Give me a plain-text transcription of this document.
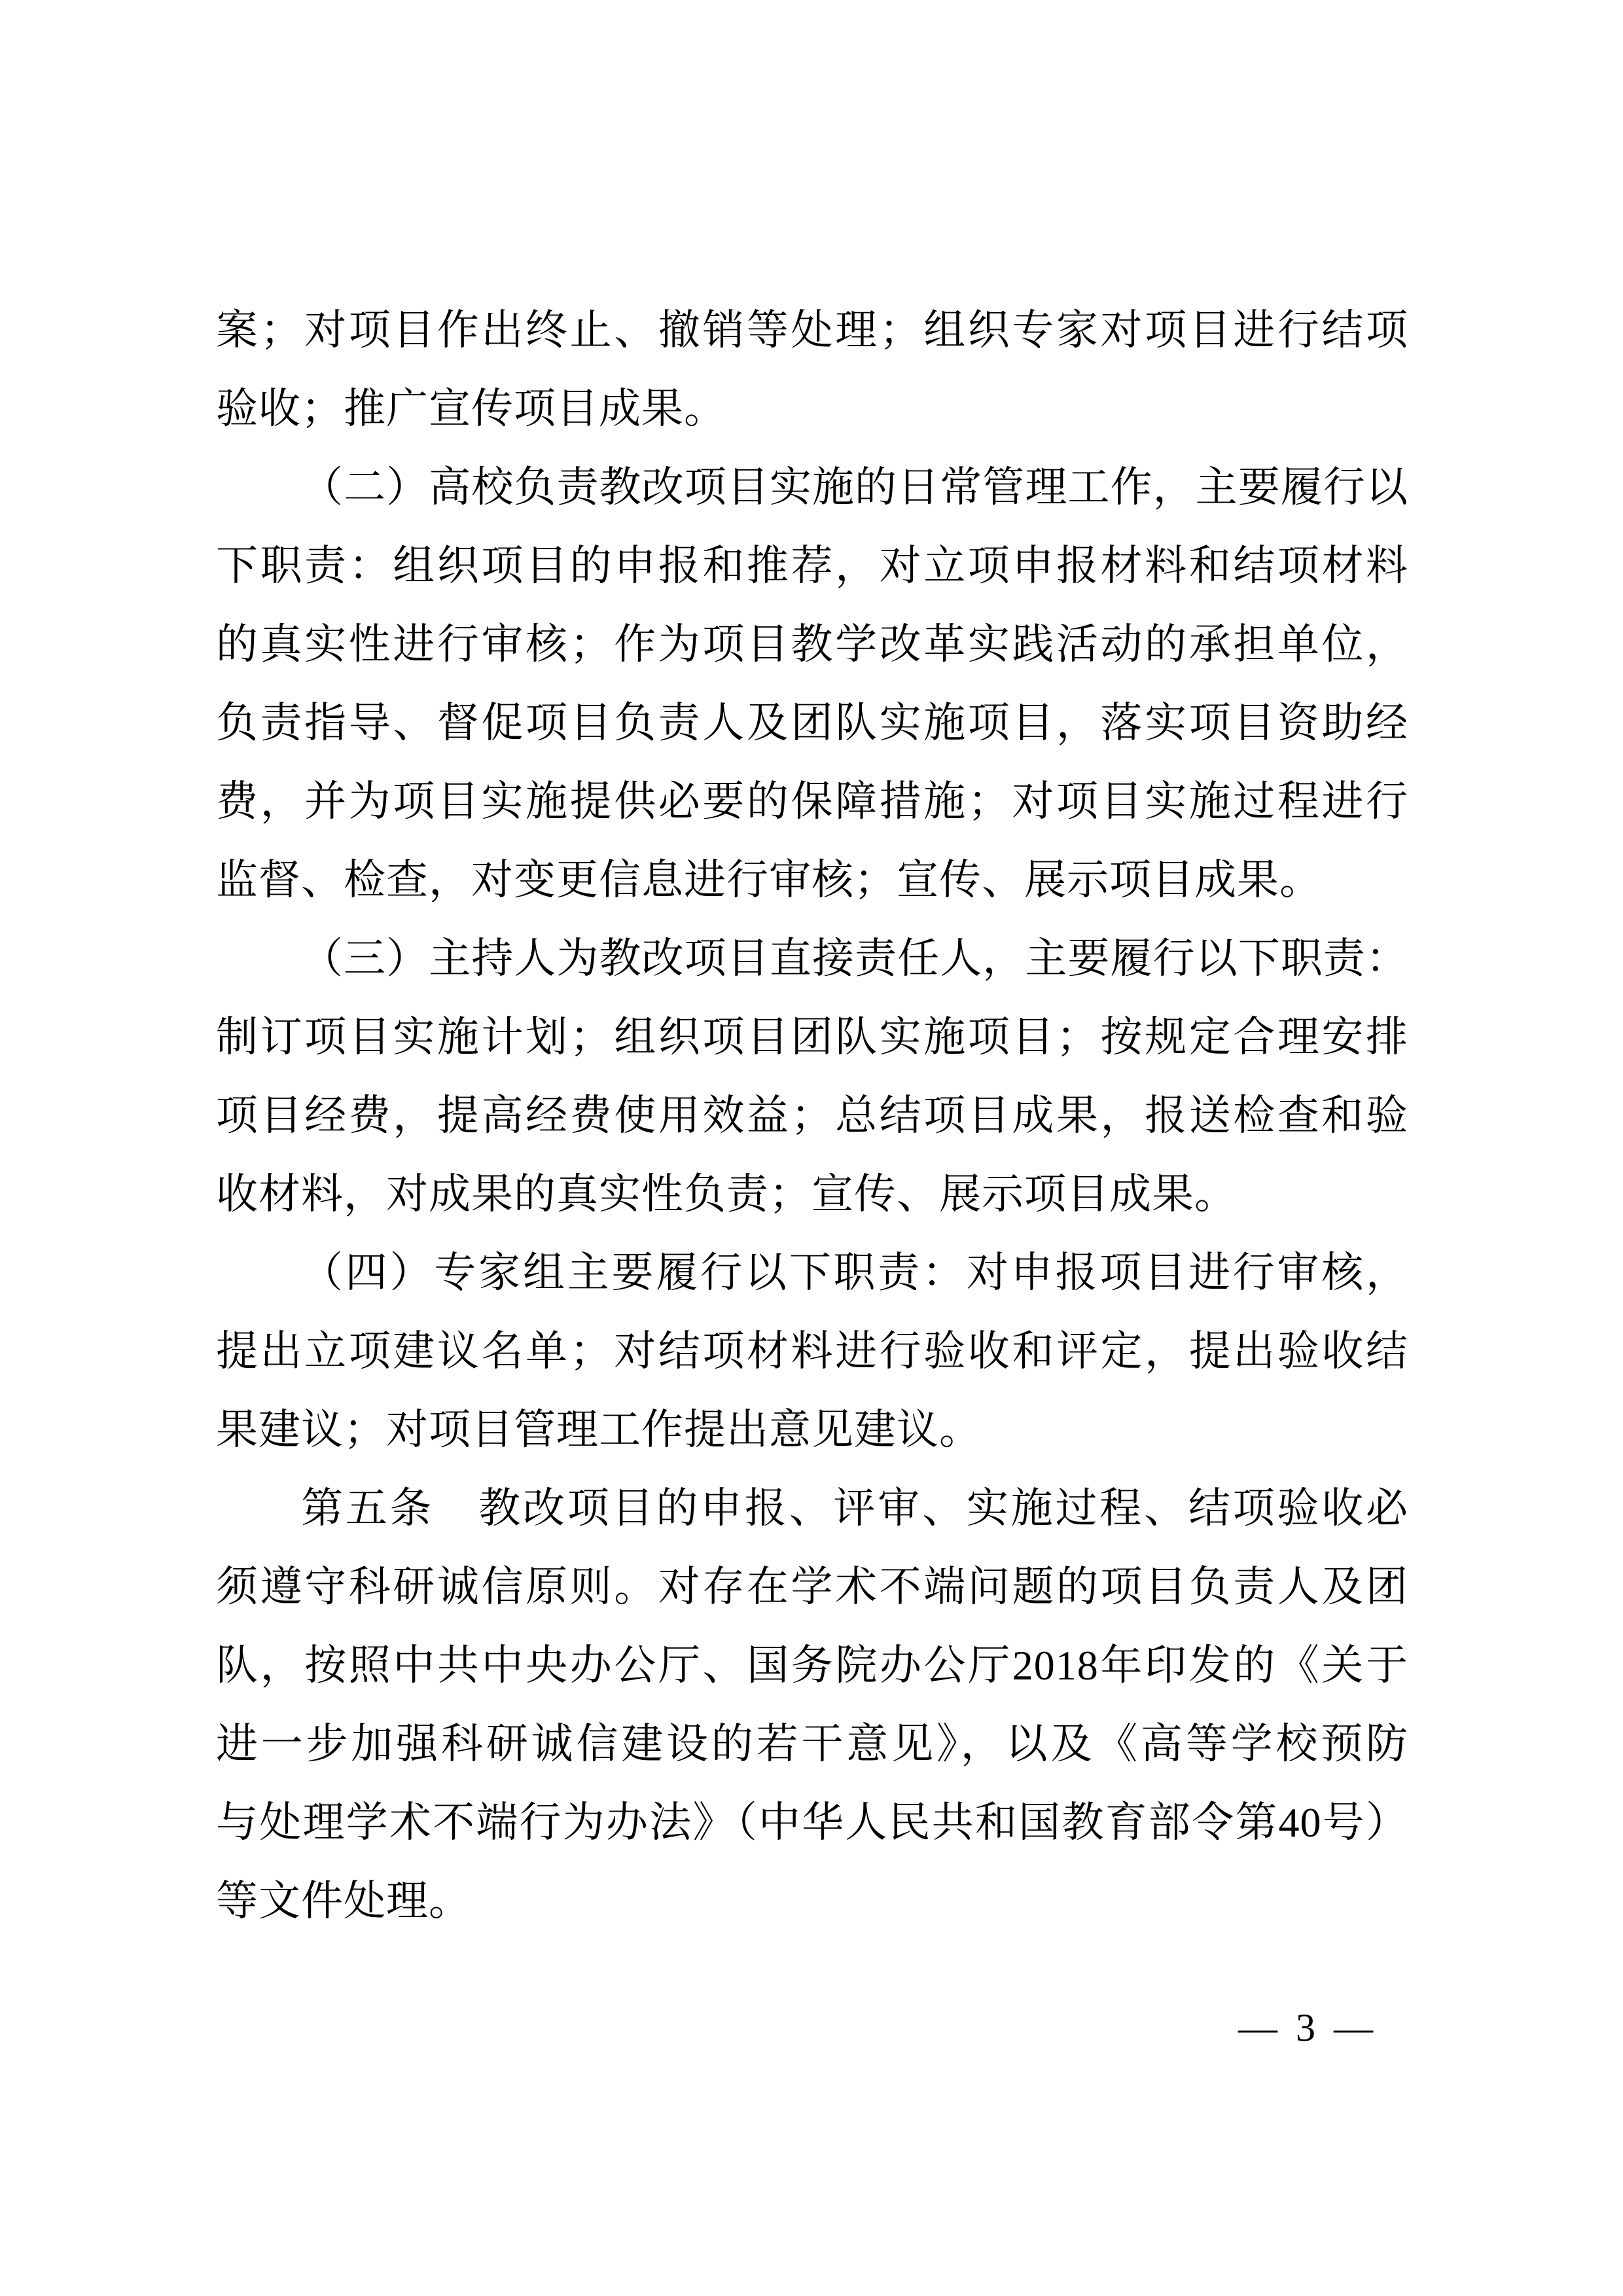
案；对项目作出终止、撤销等处理；组织专家对项目进行结项
验收；推广宣传项目成果。
（二）高校负责教改项目实施的日常管理工作，主要履行以
下职责：组织项目的申报和推荐，对立项申报材料和结项材料
的真实性进行审核；作为项目教学改革实践活动的承担单位，
负责指导、督促项目负责人及团队实施项目，落实项目资助经
费，并为项目实施提供必要的保障措施；对项目实施过程进行
监督、检查，对变更信息进行审核；宣传、展示项目成果。
（三）主持人为教改项目直接责任人，主要履行以下职责：
制订项目实施计划；组织项目团队实施项目；按规定合理安排
项目经费，提高经费使用效益；总结项目成果，报送检查和验
收材料，对成果的真实性负责；宣传、展示项目成果。
（四）专家组主要履行以下职责：对申报项目进行审核，
提出立项建议名单；对结项材料进行验收和评定，提出验收结
果建议；对项目管理工作提出意见建议。
第五条　教改项目的申报、评审、实施过程、结项验收必
须遵守科研诚信原则。对存在学术不端问题的项目负责人及团
队，按照中共中央办公厅、国务院办公厅2018年印发的《关于
进一步加强科研诚信建设的若干意见》，以及《高等学校预防
与处理学术不端行为办法》（中华人民共和国教育部令第40号）
等文件处理。
— 3 —
